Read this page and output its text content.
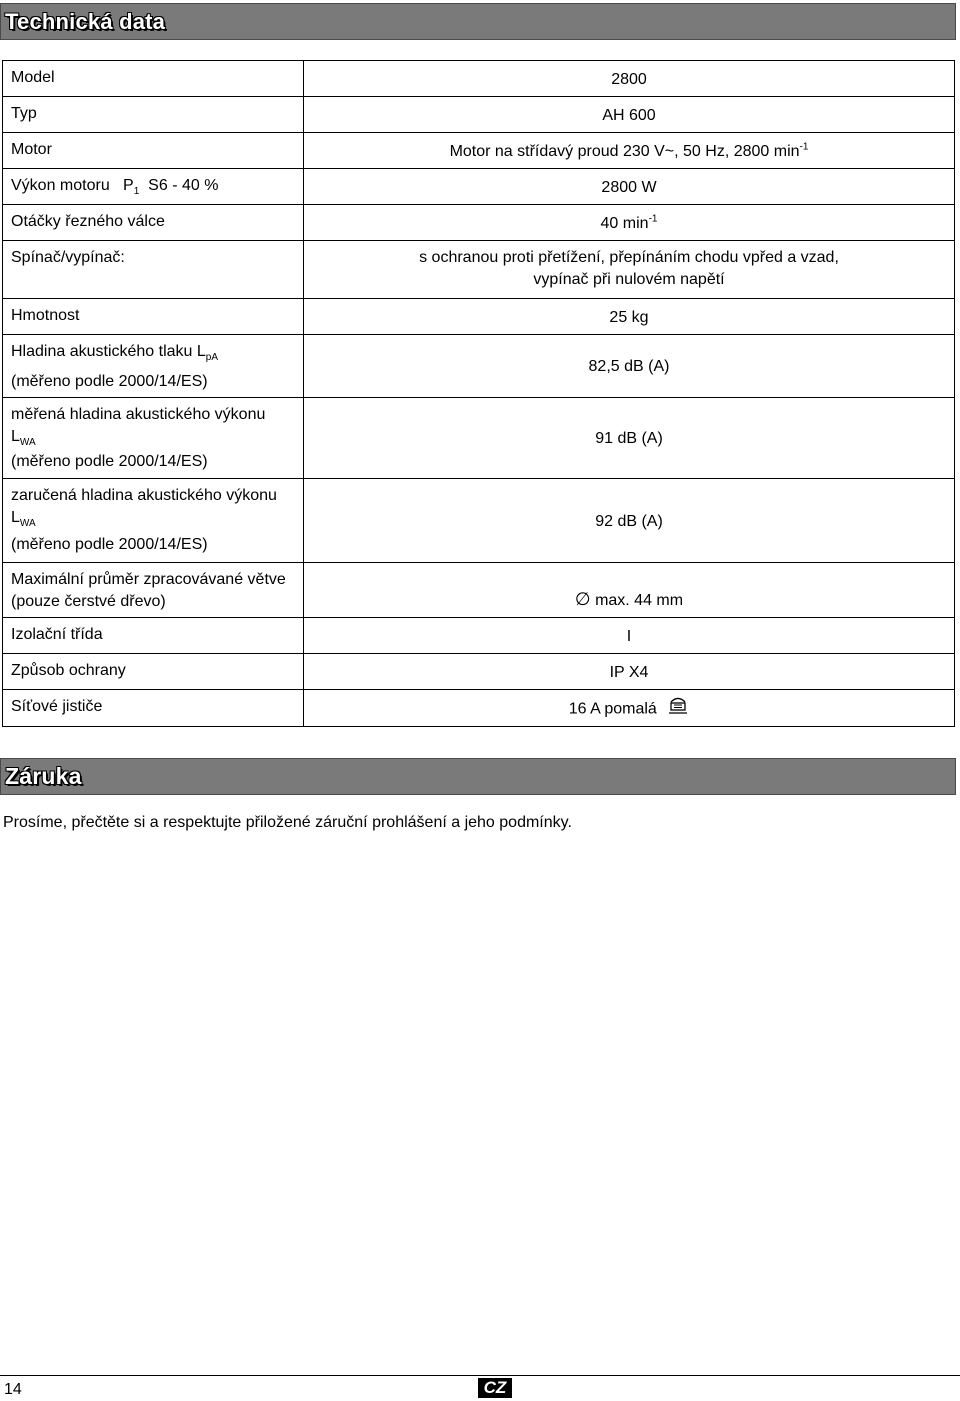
Technická data
Model	2800
Typ	AH 600
Motor	Motor na střídavý proud 230 V~, 50 Hz, 2800 $\min^{-1}$
Výkon motoru   $P_1$  S6 - 40 %	2800 W
Otáčky řezného válce	40 $\min^{-1}$
Spínač/vypínač:	s ochranou proti přetížení, přepínáním chodu vpřed a vzad,
vypínač při nulovém napětí

Hmotnost	25 kg

Hladina akustického tlaku $L_{pA}$
(měřeno podle 2000/14/ES)	82,5 dB (A)

měřená hladina akustického výkonu
$L_{WA}$
(měřeno podle 2000/14/ES)	91 dB (A)

zaručená hladina akustického výkonu
$L_{WA}$
(měřeno podle 2000/14/ES)	92 dB (A)

Maximální průměr zpracovávané větve
(pouze čerstvé dřevo)	∅ max. 44 mm
Izolační třída	I
Způsob ochrany	IP X4
Síťové jističe	16 A pomalá
Záruka
Prosíme, přečtěte si a respektujte přiložené záruční prohlášení a jeho podmínky.
14	CZ
